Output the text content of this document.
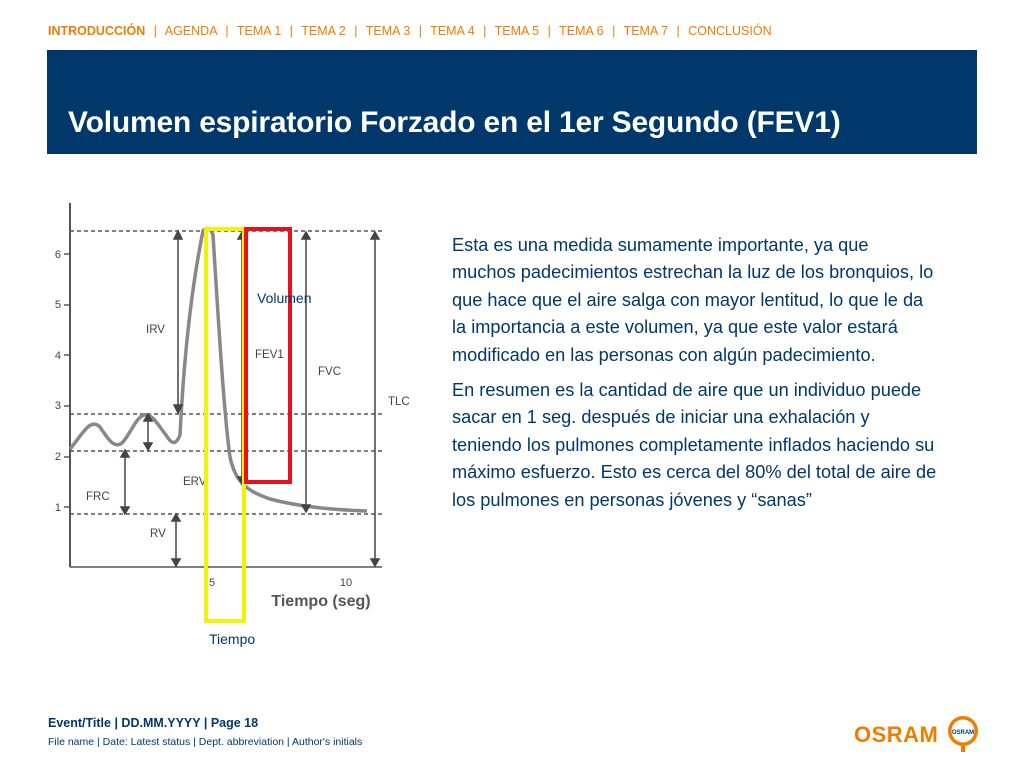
INTRODUCCIÓN | AGENDA | TEMA 1 | TEMA 2 | TEMA 3 | TEMA 4 | TEMA 5 | TEMA 6 | TEMA 7 | CONCLUSIÓN
Volumen espiratorio Forzado en el 1er Segundo (FEV1)
1
2
3
4
5
6
5	10
Tiempo (seg)
IRV
ERV
FRC
RV
FEV1
FVC
TLC
Volumen
Tiempo

Esta es una medida sumamente importante, ya que muchos padecimientos estrechan la luz de los bronquios, lo que hace que el aire salga con mayor lentitud, lo que le da la importancia a este volumen, ya que este valor estará modificado en las personas con algún padecimiento.

En resumen es la cantidad de aire que un individuo puede sacar en 1 seg. después de iniciar una exhalación y teniendo los pulmones completamente inflados haciendo su máximo esfuerzo. Esto es cerca del 80% del total de aire de los pulmones en personas jóvenes y “sanas”

Event/Title | DD.MM.YYYY | Page 18
File name | Date: Latest status | Dept. abbreviation | Author's initials	OSRAM OSRAM
